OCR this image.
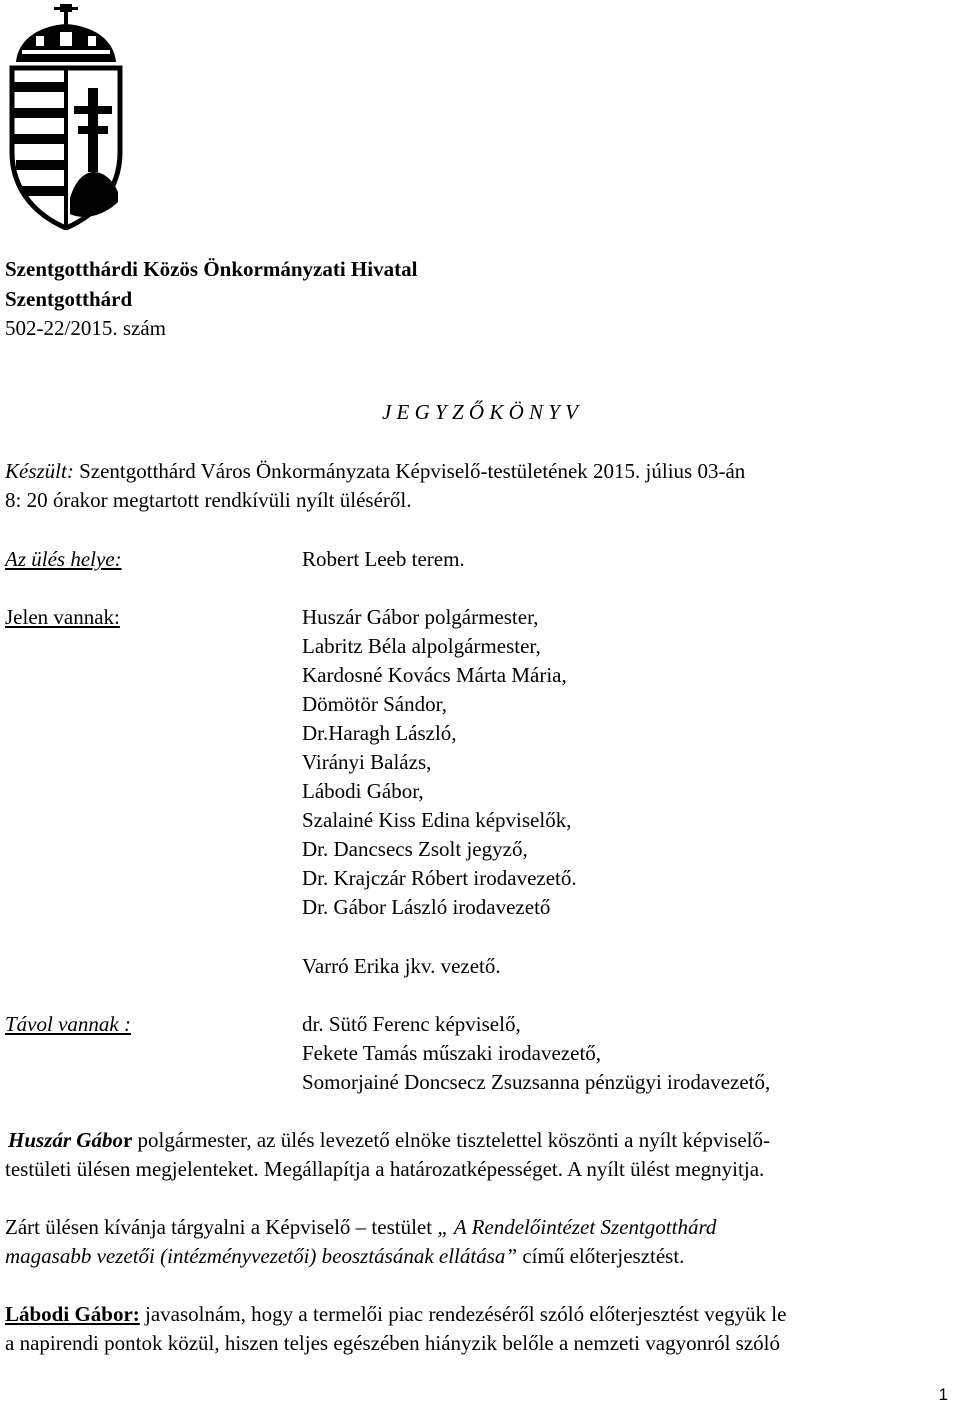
Szentgotthárdi Közös Önkormányzati Hivatal
Szentgotthárd
502-22/2015. szám
J E G Y Z Ő K Ö N Y V
Készült: Szentgotthárd Város Önkormányzata Képviselő-testületének 2015. július 03-án
8: 20 órakor megtartott rendkívüli nyílt üléséről.
Az ülés helye:	Robert Leeb terem.
Jelen vannak:	Huszár Gábor polgármester,
Labritz Béla alpolgármester,
Kardosné Kovács Márta Mária,
Dömötör Sándor,
Dr.Haragh László,
Virányi Balázs,
Lábodi Gábor,
Szalainé Kiss Edina képviselők,
Dr. Dancsecs Zsolt jegyző,
Dr. Krajczár Róbert irodavezető.
Dr. Gábor László irodavezető
Varró Erika jkv. vezető.
Távol vannak :	dr. Sütő Ferenc képviselő,
Fekete Tamás műszaki irodavezető,
Somorjainé Doncsecz Zsuzsanna pénzügyi irodavezető,
Huszár Gábor polgármester, az ülés levezető elnöke tisztelettel köszönti a nyílt képviselő-
testületi ülésen megjelenteket. Megállapítja a határozatképességet. A nyílt ülést megnyitja.
Zárt ülésen kívánja tárgyalni a Képviselő – testület „ A Rendelőintézet Szentgotthárd
magasabb vezetői (intézményvezetői) beosztásának ellátása” című előterjesztést.
Lábodi Gábor: javasolnám, hogy a termelői piac rendezéséről szóló előterjesztést vegyük le
a napirendi pontok közül, hiszen teljes egészében hiányzik belőle a nemzeti vagyonról szóló
1
